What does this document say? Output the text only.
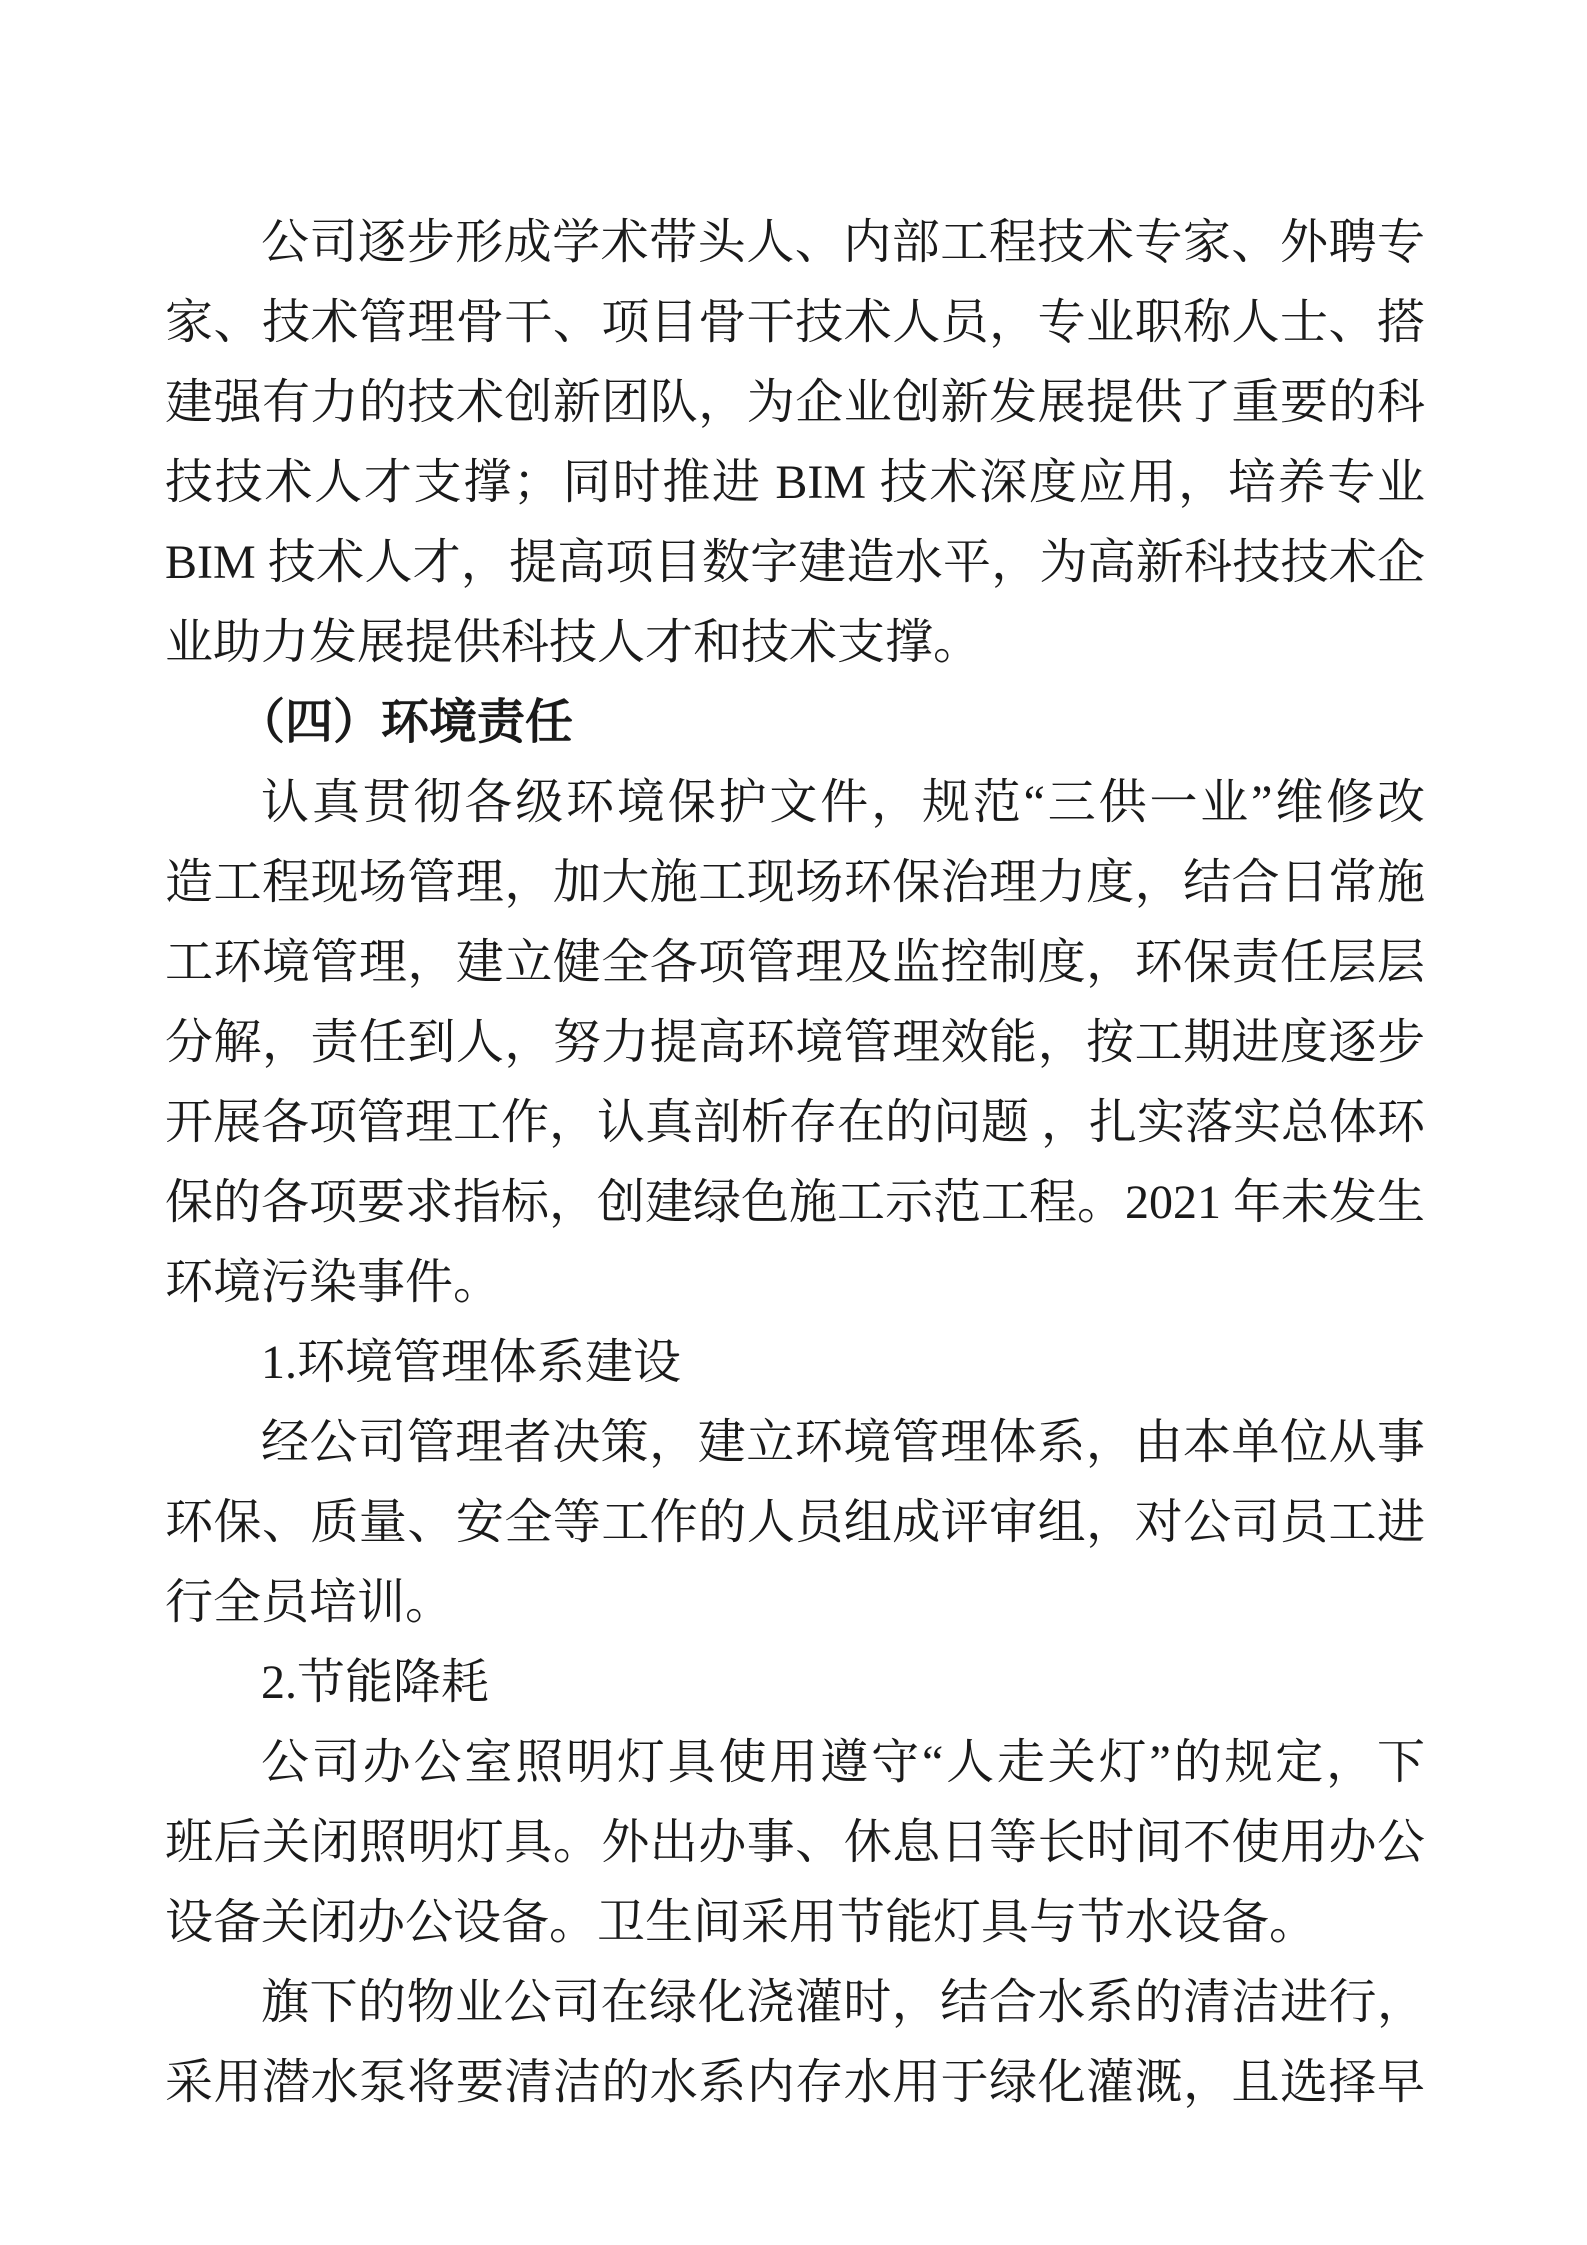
公司逐步形成学术带头人、内部工程技术专家、外聘专
家、技术管理骨干、项目骨干技术人员，专业职称人士、搭
建强有力的技术创新团队，为企业创新发展提供了重要的科
技技术人才支撑；同时推进 BIM 技术深度应用，培养专业
BIM 技术人才，提高项目数字建造水平，为高新科技技术企
业助力发展提供科技人才和技术支撑。
（四）环境责任
认真贯彻各级环境保护文件，规范“三供一业”维修改
造工程现场管理，加大施工现场环保治理力度，结合日常施
工环境管理，建立健全各项管理及监控制度，环保责任层层
分解，责任到人，努力提高环境管理效能，按工期进度逐步
开展各项管理工作，认真剖析存在的问题 ，扎实落实总体环
保的各项要求指标，创建绿色施工示范工程。2021 年未发生
环境污染事件。
1.环境管理体系建设
经公司管理者决策，建立环境管理体系，由本单位从事
环保、质量、安全等工作的人员组成评审组，对公司员工进
行全员培训。
2.节能降耗
公司办公室照明灯具使用遵守“人走关灯”的规定，下
班后关闭照明灯具。外出办事、休息日等长时间不使用办公
设备关闭办公设备。卫生间采用节能灯具与节水设备。
旗下的物业公司在绿化浇灌时，结合水系的清洁进行，
采用潜水泵将要清洁的水系内存水用于绿化灌溉，且选择早
